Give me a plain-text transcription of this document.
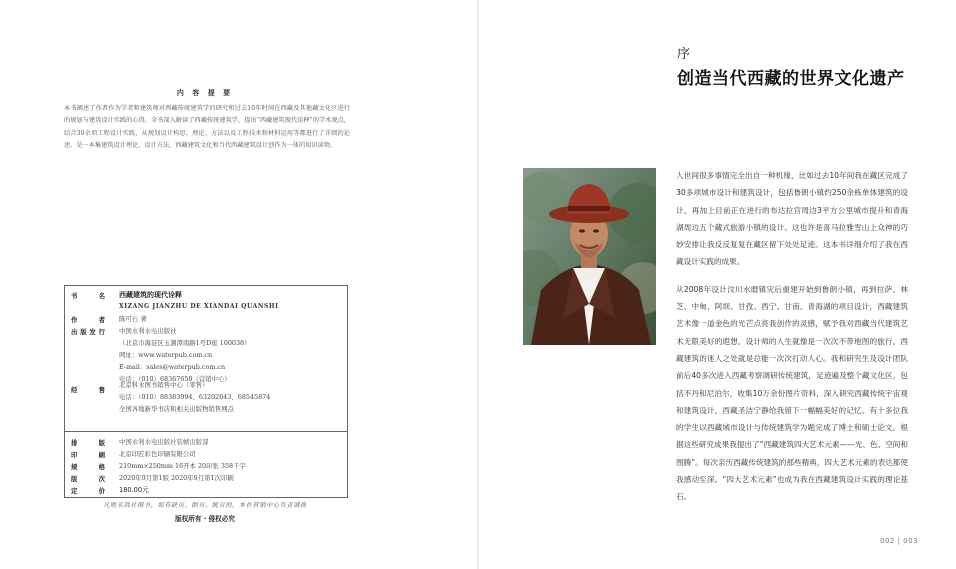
内 容 提 要

本书阐述了作者作为学者和建筑师对西藏传统建筑学的研究和过去10年时间在西藏及其他藏文化区进行的规划与建筑设计实践的心得，全书深入解读了西藏传统建筑学，提出“西藏建筑现代诠释”的学术观点，结合30余项工程设计实践，从规划设计构思、理论、方法以及工程技术和材料运用等都进行了详细的论述。是一本集建筑设计理论、设计方法、西藏建筑文化和当代西藏建筑设计创作为一体的知识读物。

书 名 西藏建筑的现代诠释
XIZANG JIANZHU DE XIANDAI QUANSHI
作 者 陈可石 著
出版发行 中国水利水电出版社
（北京市海淀区玉渊潭南路1号D座 100038）
网址：www.waterpub.com.cn
E-mail：sales@waterpub.com.cn
电话：（010）68367658（营销中心）
经 售
北京科水图书销售中心（零售）
电话：（010）88383994、63202643、68545874
全国各地新华书店和相关出版物销售网点
排 版 中国水利水电出版社装帧出版部
印 刷 北京印匠彩色印刷有限公司
规 格 210mm×250mm 16开本 20印张 358千字
版 次 2020年9月第1版 2020年9月第1次印刷
定 价 180.00元
凡购买我社图书，如有缺页、倒页、脱页的，本社营销中心负责调换
版权所有 · 侵权必究
序
创造当代西藏的世界文化遗产

人世间很多事情完全出自一种机缘，比如过去10年间我在藏区完成了30多项城市设计和建筑设计，包括鲁朗小镇约250余栋单体建筑的设计，再加上目前正在进行的布达拉宫周边3平方公里城市提升和青海湖周边五个藏式旅游小镇的设计。这也许是喜马拉雅雪山上众神的巧妙安排让我反反复复在藏区留下处处足迹。这本书详细介绍了我在西藏设计实践的成果。

从2008年设计汶川水磨镇灾后重建开始到鲁朗小镇，再到拉萨、林芝、中甸、阿坝、甘孜、西宁、甘南、青海湖的项目设计，西藏建筑艺术像一道金色的光芒点亮我创作的灵感，赋予我对西藏当代建筑艺术无限美好的遐想。设计师的人生就像是一次次不带地图的旅行，西藏建筑的迷人之处就是总能一次次打动人心。我和研究生及设计团队前后40多次进入西藏考察调研传统建筑，足迹遍及整个藏文化区，包括不丹和尼泊尔，收集10万余份图片资料，深入研究西藏传统宇宙观和建筑设计，西藏圣洁宁静给我留下一幅幅美好的记忆。有十多位我的学生以西藏城市设计与传统建筑学为题完成了博士和硕士论文。根据这些研究成果我提出了“西藏建筑四大艺术元素——光、色、空间和图腾”。每次亲历西藏传统建筑的那些精典，四大艺术元素的表达都使我感动至深。“四大艺术元素”也成为我在西藏建筑设计实践的理论基石。

002 | 003
